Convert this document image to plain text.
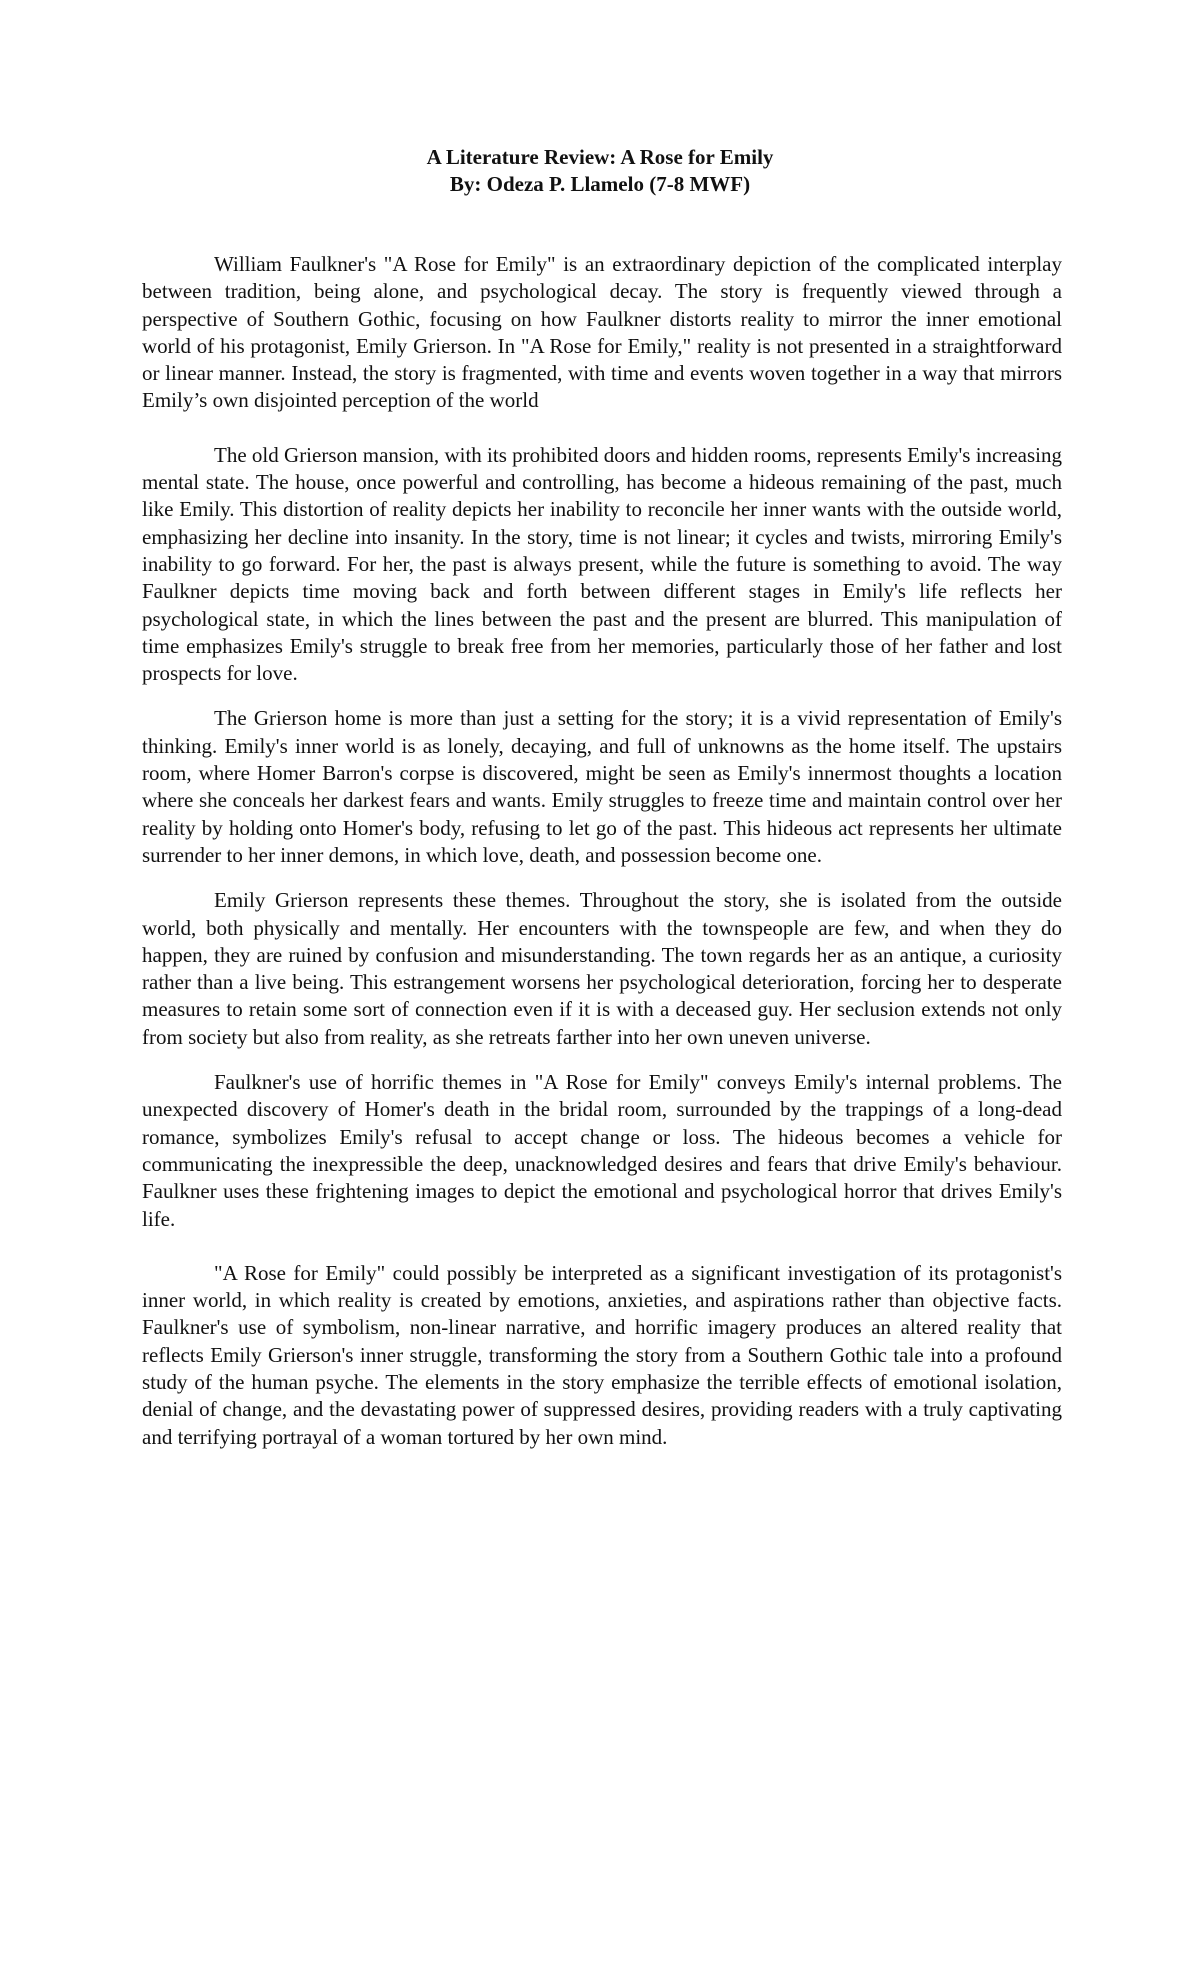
A Literature Review: A Rose for Emily
By: Odeza P. Llamelo (7-8 MWF)

William Faulkner's "A Rose for Emily" is an extraordinary depiction of the complicated interplay between tradition, being alone, and psychological decay. The story is frequently viewed through a perspective of Southern Gothic, focusing on how Faulkner distorts reality to mirror the inner emotional world of his protagonist, Emily Grierson. In "A Rose for Emily," reality is not presented in a straightforward or linear manner. Instead, the story is fragmented, with time and events woven together in a way that mirrors Emily’s own disjointed perception of the world

The old Grierson mansion, with its prohibited doors and hidden rooms, represents Emily's increasing mental state. The house, once powerful and controlling, has become a hideous remaining of the past, much like Emily. This distortion of reality depicts her inability to reconcile her inner wants with the outside world, emphasizing her decline into insanity. In the story, time is not linear; it cycles and twists, mirroring Emily's inability to go forward. For her, the past is always present, while the future is something to avoid. The way Faulkner depicts time moving back and forth between different stages in Emily's life reflects her psychological state, in which the lines between the past and the present are blurred. This manipulation of time emphasizes Emily's struggle to break free from her memories, particularly those of her father and lost prospects for love.

The Grierson home is more than just a setting for the story; it is a vivid representation of Emily's thinking. Emily's inner world is as lonely, decaying, and full of unknowns as the home itself. The upstairs room, where Homer Barron's corpse is discovered, might be seen as Emily's innermost thoughts a location where she conceals her darkest fears and wants. Emily struggles to freeze time and maintain control over her reality by holding onto Homer's body, refusing to let go of the past. This hideous act represents her ultimate surrender to her inner demons, in which love, death, and possession become one.

Emily Grierson represents these themes. Throughout the story, she is isolated from the outside world, both physically and mentally. Her encounters with the townspeople are few, and when they do happen, they are ruined by confusion and misunderstanding. The town regards her as an antique, a curiosity rather than a live being. This estrangement worsens her psychological deterioration, forcing her to desperate measures to retain some sort of connection even if it is with a deceased guy. Her seclusion extends not only from society but also from reality, as she retreats farther into her own uneven universe.

Faulkner's use of horrific themes in "A Rose for Emily" conveys Emily's internal problems. The unexpected discovery of Homer's death in the bridal room, surrounded by the trappings of a long-dead romance, symbolizes Emily's refusal to accept change or loss. The hideous becomes a vehicle for communicating the inexpressible the deep, unacknowledged desires and fears that drive Emily's behaviour. Faulkner uses these frightening images to depict the emotional and psychological horror that drives Emily's life.

"A Rose for Emily" could possibly be interpreted as a significant investigation of its protagonist's inner world, in which reality is created by emotions, anxieties, and aspirations rather than objective facts. Faulkner's use of symbolism, non-linear narrative, and horrific imagery produces an altered reality that reflects Emily Grierson's inner struggle, transforming the story from a Southern Gothic tale into a profound study of the human psyche. The elements in the story emphasize the terrible effects of emotional isolation, denial of change, and the devastating power of suppressed desires, providing readers with a truly captivating and terrifying portrayal of a woman tortured by her own mind.
